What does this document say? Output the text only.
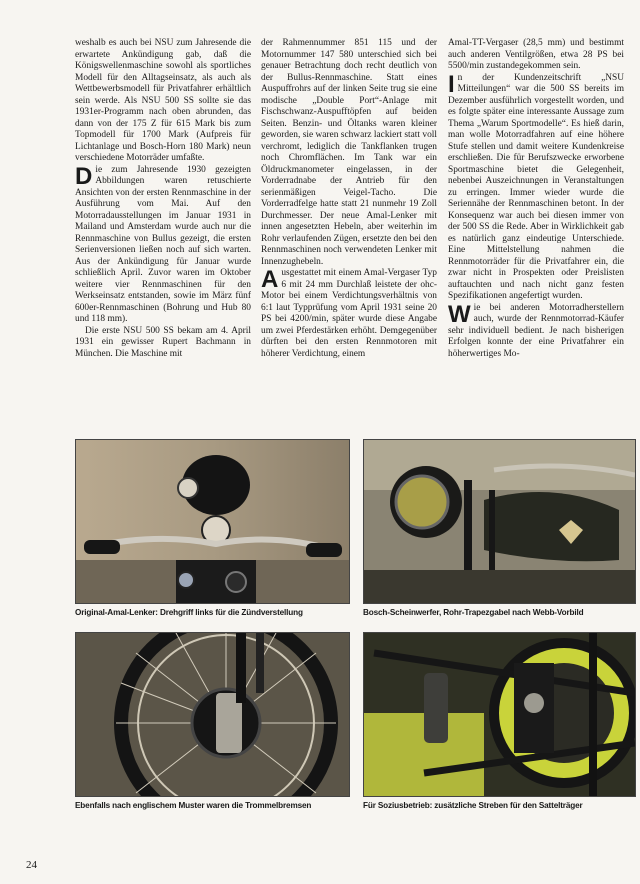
weshalb es auch bei NSU zum Jahresende die erwartete Ankündigung gab, daß die Königswellenmaschine sowohl als sportliches Modell für den Alltagseinsatz, als auch als Wettbewerbsmodell für Privatfahrer erhältlich sein werde. Als NSU 500 SS sollte sie das 1931er-Programm nach oben abrunden, das dann von der 175 Z für 615 Mark bis zum Topmodell für 1700 Mark (Aufpreis für Lichtanlage und Bosch-Horn 180 Mark) neun verschiedene Motorräder umfaßte.

Die zum Jahresende 1930 gezeigten Abbildungen waren retuschierte Ansichten von der ersten Rennmaschine in der Ausführung vom Mai. Auf den Motorradausstellungen im Januar 1931 in Mailand und Amsterdam wurde auch nur die Rennmaschine von Bullus gezeigt, die ersten Serienversionen ließen noch auf sich warten. Aus der Ankündigung für Januar wurde schließlich April. Zuvor waren im Oktober weitere vier Rennmaschinen für den Werkseinsatz entstanden, sowie im März fünf 600er-Rennmaschinen (Bohrung und Hub 80 und 118 mm).

Die erste NSU 500 SS bekam am 4. April 1931 ein gewisser Rupert Bachmann in München. Die Maschine mit

der Rahmennummer 851 115 und der Motornummer 147 580 unterschied sich bei genauer Betrachtung doch recht deutlich von der Bullus-Rennmaschine. Statt eines Auspuffrohrs auf der linken Seite trug sie eine modische „Double Port“-Anlage mit Fischschwanz-Auspufftöpfen auf beiden Seiten. Benzin- und Öltanks waren kleiner geworden, sie waren schwarz lackiert statt voll verchromt, lediglich die Tankflanken trugen noch Chromflächen. Im Tank war ein Öldruckmanometer eingelassen, in der Vorderradnabe der Antrieb für den serienmäßigen Veigel-Tacho. Die Vorderradfelge hatte statt 21 nunmehr 19 Zoll Durchmesser. Der neue Amal-Lenker mit innen angesetzten Hebeln, aber weiterhin im Rohr verlaufenden Zügen, ersetzte den bei den Rennmaschinen noch verwendeten Lenker mit Innenzughebeln.

Ausgestattet mit einem Amal-Vergaser Typ 6 mit 24 mm Durchlaß leistete der ohc-Motor bei einem Verdichtungsverhältnis von 6:1 laut Typprüfung vom April 1931 seine 20 PS bei 4200/min, später wurde diese Angabe um zwei Pferdestärken erhöht. Demgegenüber dürften bei den ersten Rennmotoren mit höherer Verdichtung, einem

Amal-TT-Vergaser (28,5 mm) und bestimmt auch anderen Ventilgrößen, etwa 28 PS bei 5500/min zustandegekommen sein.

In der Kundenzeitschrift „NSU Mitteilungen“ war die 500 SS bereits im Dezember ausführlich vorgestellt worden, und es folgte später eine interessante Aussage zum Thema „Warum Sportmodelle“. Es hieß darin, man wolle Motorradfahren auf eine höhere Stufe stellen und damit weitere Kundenkreise erschließen. Die für Berufszwecke erworbene Sportmaschine bietet die Gelegenheit, nebenbei Auszeichnungen in Veranstaltungen zu erringen. Immer wieder wurde die Seriennähe der Rennmaschinen betont. In der Konsequenz war auch bei diesen immer von der 500 SS die Rede. Aber in Wirklichkeit gab es natürlich ganz eindeutige Unterschiede. Eine Mittelstellung nahmen die Rennmotorräder für die Privatfahrer ein, die zwar nicht in Prospekten oder Preislisten auftauchten und nach nicht ganz festen Spezifikationen angefertigt wurden.

Wie bei anderen Motorradherstellern auch, wurde der Rennmotorrad-Käufer sehr individuell bedient. Je nach bisherigen Erfolgen konnte der eine Privatfahrer ein höherwertiges Mo-

Original-Amal-Lenker: Drehgriff links für die Zündverstellung	Bosch-Scheinwerfer, Rohr-Trapezgabel nach Webb-Vorbild
Ebenfalls nach englischem Muster waren die Trommelbremsen	Für Soziusbetrieb: zusätzliche Streben für den Sattelträger
24
